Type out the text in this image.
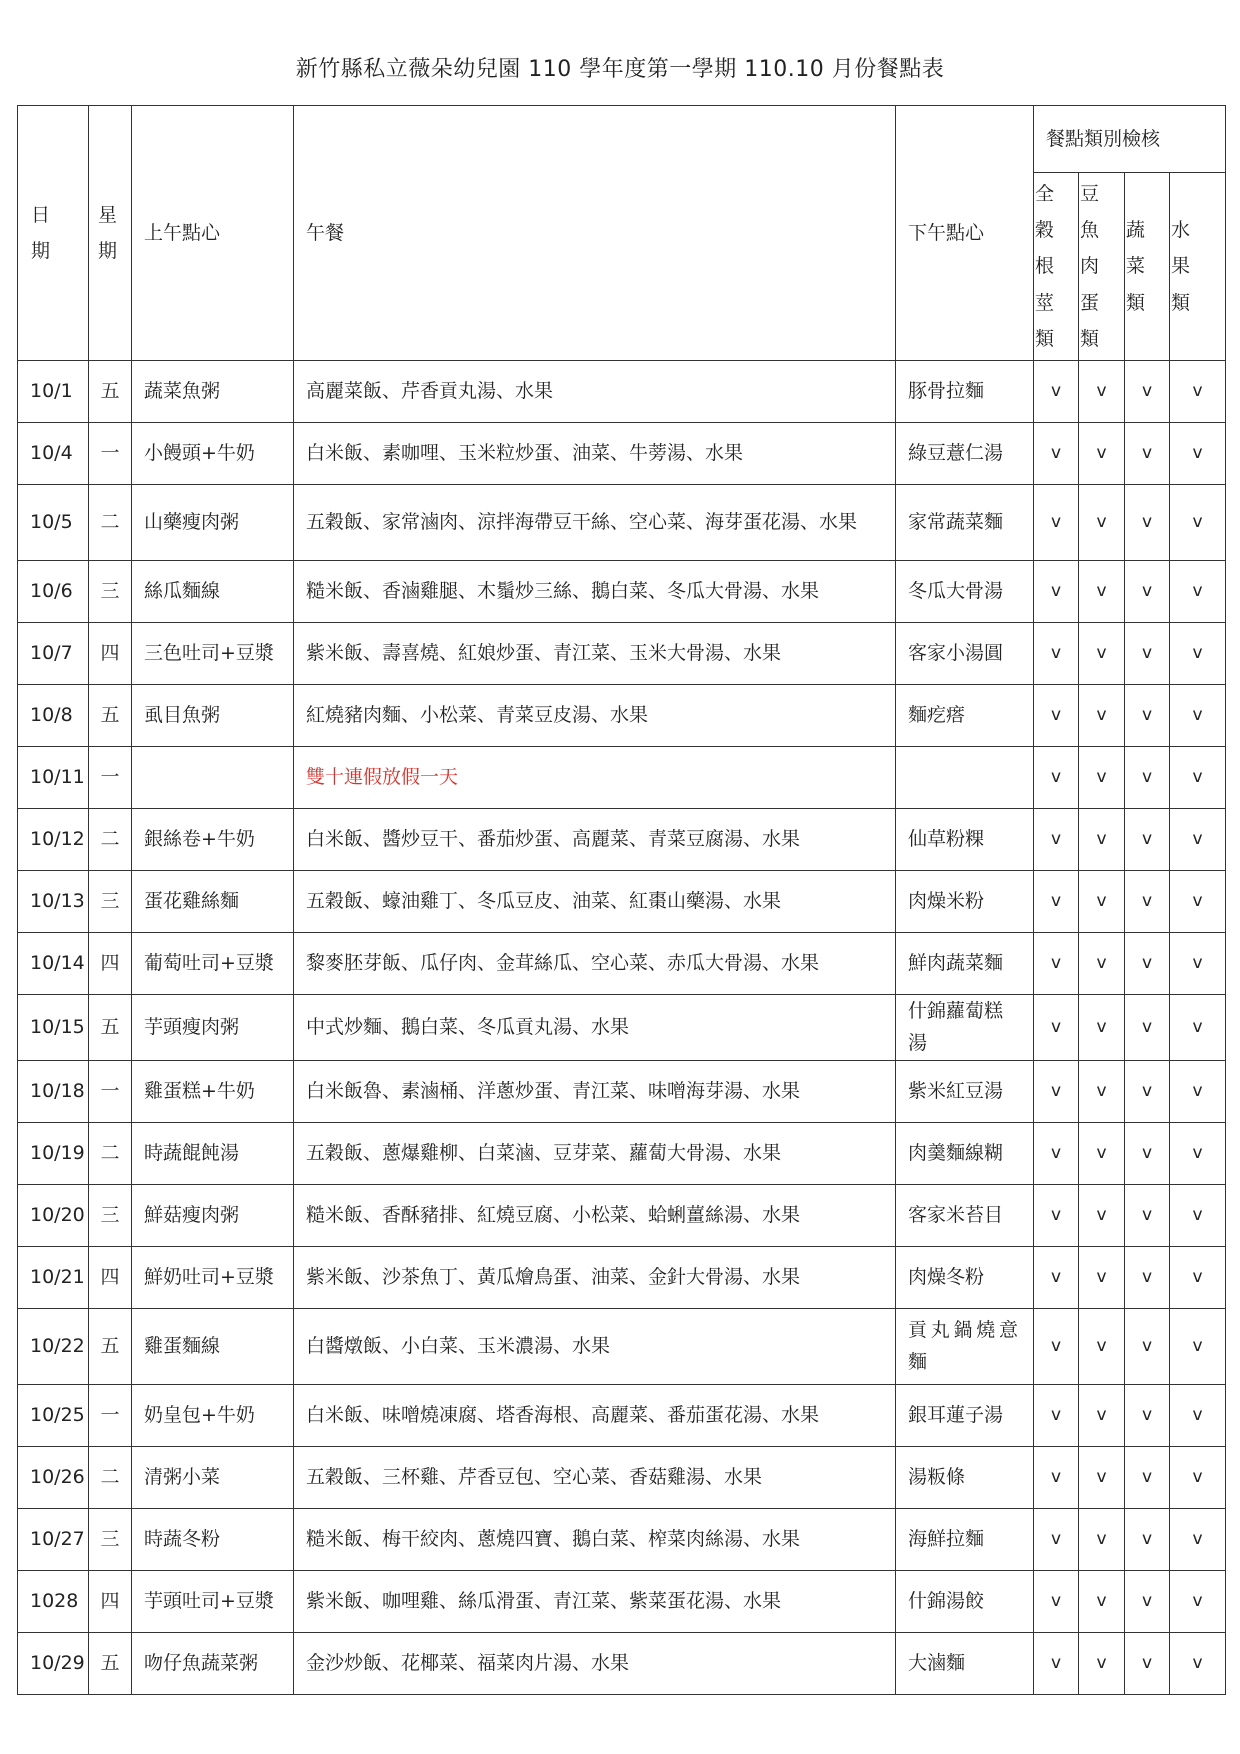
新竹縣私立薇朵幼兒園 110 學年度第一學期 110.10 月份餐點表
日期	星期	上午點心	午餐	下午點心	餐點類別檢核			
					全穀根莖類	豆魚肉蛋類	蔬菜類	水果類
10/1	五	蔬菜魚粥	高麗菜飯、芹香貢丸湯、水果	豚骨拉麵	v	v	v	v
10/4	一	小饅頭+牛奶	白米飯、素咖哩、玉米粒炒蛋、油菜、牛蒡湯、水果	綠豆薏仁湯	v	v	v	v
10/5	二	山藥瘦肉粥	五穀飯、家常滷肉、涼拌海帶豆干絲、空心菜、海芽蛋花湯、水果	家常蔬菜麵	v	v	v	v
10/6	三	絲瓜麵線	糙米飯、香滷雞腿、木鬚炒三絲、鵝白菜、冬瓜大骨湯、水果	冬瓜大骨湯	v	v	v	v
10/7	四	三色吐司+豆漿	紫米飯、壽喜燒、紅娘炒蛋、青江菜、玉米大骨湯、水果	客家小湯圓	v	v	v	v
10/8	五	虱目魚粥	紅燒豬肉麵、小松菜、青菜豆皮湯、水果	麵疙瘩	v	v	v	v
10/11	一		雙十連假放假一天		v	v	v	v
10/12	二	銀絲卷+牛奶	白米飯、醬炒豆干、番茄炒蛋、高麗菜、青菜豆腐湯、水果	仙草粉粿	v	v	v	v
10/13	三	蛋花雞絲麵	五穀飯、蠔油雞丁、冬瓜豆皮、油菜、紅棗山藥湯、水果	肉燥米粉	v	v	v	v
10/14	四	葡萄吐司+豆漿	黎麥胚芽飯、瓜仔肉、金茸絲瓜、空心菜、赤瓜大骨湯、水果	鮮肉蔬菜麵	v	v	v	v
10/15	五	芋頭瘦肉粥	中式炒麵、鵝白菜、冬瓜貢丸湯、水果	什錦蘿蔔糕湯	v	v	v	v
10/18	一	雞蛋糕+牛奶	白米飯魯、素滷桶、洋蔥炒蛋、青江菜、味噌海芽湯、水果	紫米紅豆湯	v	v	v	v
10/19	二	時蔬餛飩湯	五穀飯、蔥爆雞柳、白菜滷、豆芽菜、蘿蔔大骨湯、水果	肉羹麵線糊	v	v	v	v
10/20	三	鮮菇瘦肉粥	糙米飯、香酥豬排、紅燒豆腐、小松菜、蛤蜊薑絲湯、水果	客家米苔目	v	v	v	v
10/21	四	鮮奶吐司+豆漿	紫米飯、沙茶魚丁、黃瓜燴鳥蛋、油菜、金針大骨湯、水果	肉燥冬粉	v	v	v	v
10/22	五	雞蛋麵線	白醬燉飯、小白菜、玉米濃湯、水果	貢丸鍋燒意麵	v	v	v	v
10/25	一	奶皇包+牛奶	白米飯、味噌燒凍腐、塔香海根、高麗菜、番茄蛋花湯、水果	銀耳蓮子湯	v	v	v	v
10/26	二	清粥小菜	五穀飯、三杯雞、芹香豆包、空心菜、香菇雞湯、水果	湯粄條	v	v	v	v
10/27	三	時蔬冬粉	糙米飯、梅干絞肉、蔥燒四寶、鵝白菜、榨菜肉絲湯、水果	海鮮拉麵	v	v	v	v
1028	四	芋頭吐司+豆漿	紫米飯、咖哩雞、絲瓜滑蛋、青江菜、紫菜蛋花湯、水果	什錦湯餃	v	v	v	v
10/29	五	吻仔魚蔬菜粥	金沙炒飯、花椰菜、福菜肉片湯、水果	大滷麵	v	v	v	v
